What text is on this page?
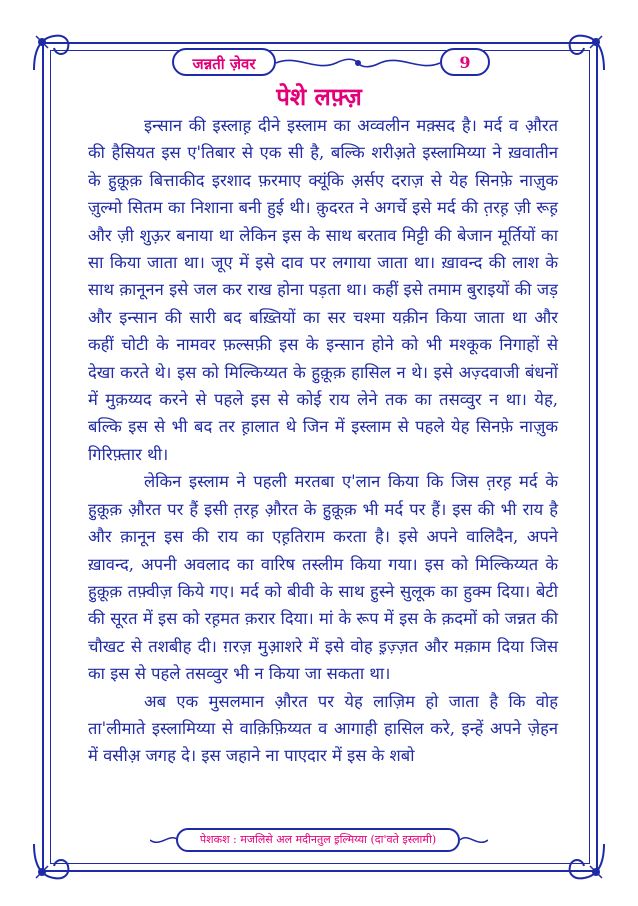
जन्नती ज़ेवर	9
पेशे लफ़्ज़

इन्सान की इस्लाह़ दीने इस्लाम का अव्वलीन मक़्सद है। मर्द व औ़रत की हैसियत इस ए'तिबार से एक सी है, बल्कि शरीअ़ते इस्लामिय्या ने ख़वातीन के हु़क़ूक़ बित्ताकीद इरशाद फ़रमाए क्यूंकि अ़र्सए दराज़ से येह सिनफ़े नाज़ुक ज़ुल्मो सितम का निशाना बनी हुई थी। क़ुदरत ने अगर्चे इसे मर्द की त़रह़ ज़ी रूह़ और ज़ी शुऊ़र बनाया था लेकिन इस के साथ बरताव मिट्टी की बेजान मूर्तियों का सा किया जाता था। जूए में इसे दाव पर लगाया जाता था। ख़ावन्द की लाश के साथ क़ानूनन इसे जल कर राख होना पड़ता था। कहीं इसे तमाम बुराइयों की जड़ और इन्सान की सारी बद बख़्तियों का सर चश्मा यक़ीन किया जाता था और कहीं चोटी के नामवर फ़ल्सफ़ी इस के इन्सान होने को भी मश्कूक निगाहों से देखा करते थे। इस को मिल्किय्यत के हु़क़ूक़ हासिल न थे। इसे अज़्दवाजी बंधनों में मुक़य्यद करने से पहले इस से कोई राय लेने तक का तसव्वुर न था। येह, बल्कि इस से भी बद तर ह़ालात थे जिन में इस्लाम से पहले येह सिनफ़े नाज़ुक गिरिफ़्तार थी।

लेकिन इस्लाम ने पहली मरतबा ए'लान किया कि जिस त़रह़ मर्द के हु़क़ूक़ औ़रत पर हैं इसी त़रह़ औ़रत के हु़क़ूक़ भी मर्द पर हैं। इस की भी राय है और क़ानून इस की राय का एह़तिराम करता है। इसे अपने वालिदैन, अपने ख़ावन्द, अपनी अवलाद का वारिष तस्लीम किया गया। इस को मिल्किय्यत के हु़क़ूक़ तफ़्वीज़ किये गए। मर्द को बीवी के साथ हु़स्ने सुलूक का हुक्म दिया। बेटी की सूरत में इस को रह़मत क़रार दिया। मां के रूप में इस के क़दमों को जन्नत की चौखट से तशबीह दी। ग़रज़ मुआ़शरे में इसे वोह इ़ज़्ज़त और मक़ाम दिया जिस का इस से पहले तसव्वुर भी न किया जा सकता था।

अब एक मुसलमान औ़रत पर येह लाज़िम हो जाता है कि वोह ता'लीमाते इस्लामिय्या से वाक़िफ़िय्यत व आगाही हासिल करे, इन्हें अपने ज़ेहन में वसीअ़ जगह दे। इस जहाने ना पाएदार में इस के शबो

पेशकश : मजलिसे अल मदीनतुल इ़ल्मिय्या (दा'वते इस्लामी)
